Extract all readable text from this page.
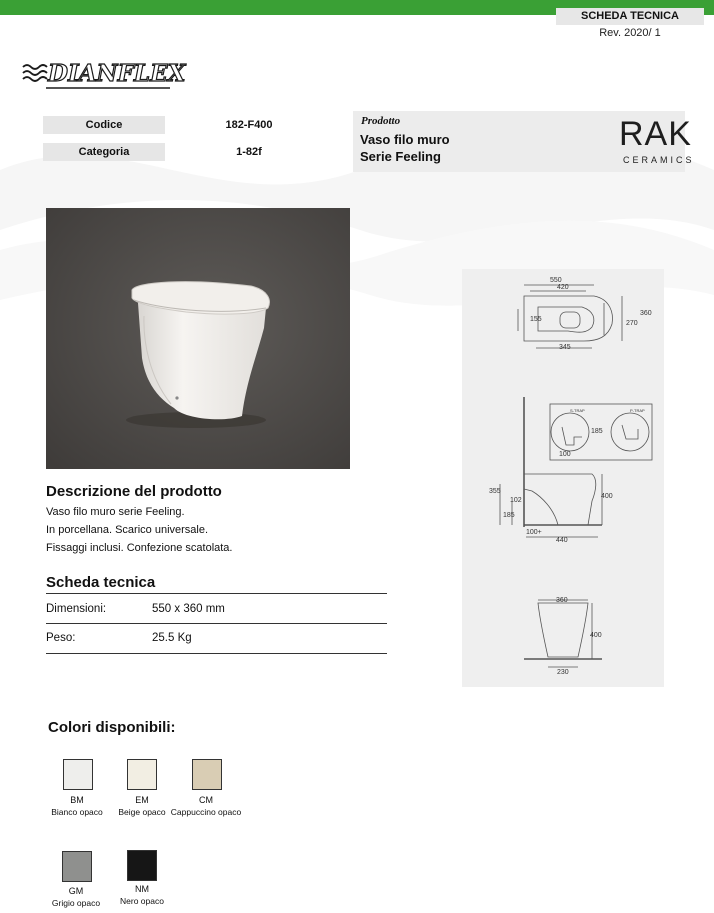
SCHEDA TECNICA
Rev. 2020/ 1
DIANFLEX
Codice	182-F400
Categoria	1-82f
Prodotto
Vaso filo muro
Serie Feeling
RAK
CERAMICS
Descrizione del prodotto
Vaso filo muro serie Feeling.
In porcellana. Scarico universale.
Fissaggi inclusi. Confezione scatolata.
Scheda tecnica
Dimensioni:	550 x 360 mm
Peso:	25.5 Kg
550
420
155
360
270
345
185
100
355
102
185
400
100+
440
S-TRAP	P-TRAP
360
400
230
Colori disponibili:
BM
Bianco opaco
EM
Beige opaco
CM
Cappuccino opaco
GM
Grigio opaco
NM
Nero opaco
